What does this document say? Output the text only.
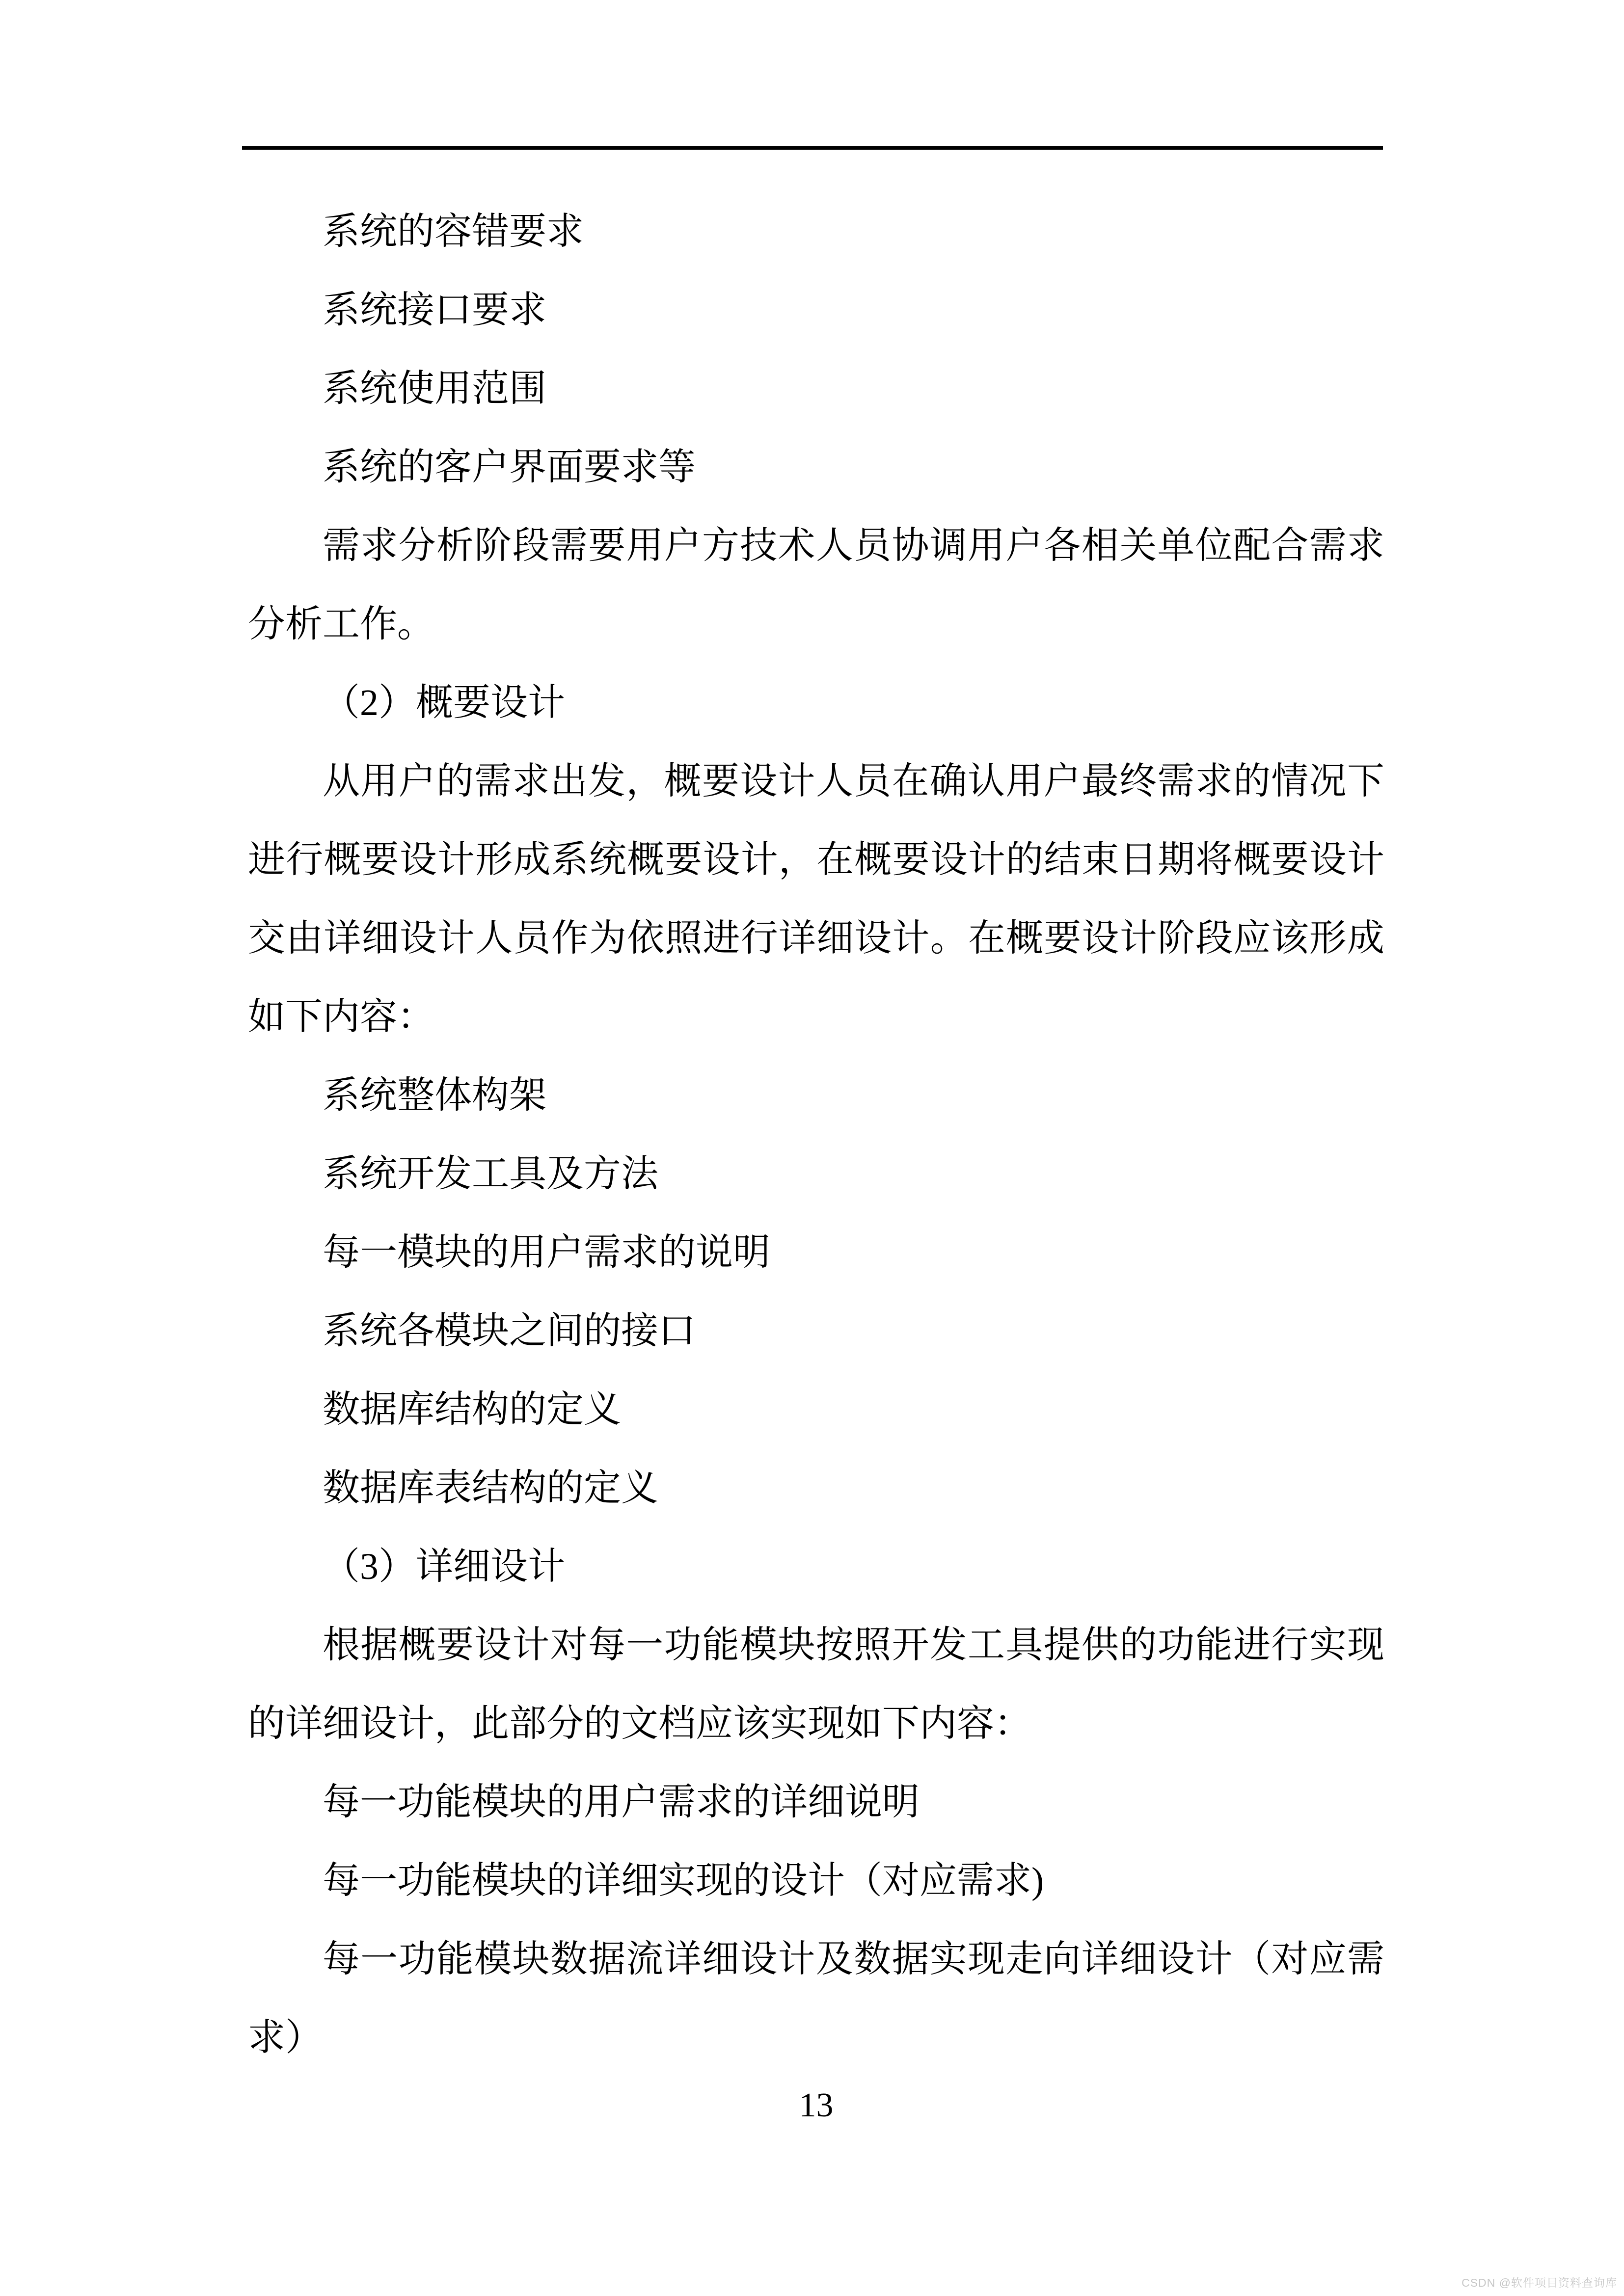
系统的容错要求
系统接口要求
系统使用范围
系统的客户界面要求等
需求分析阶段需要用户方技术人员协调用户各相关单位配合需求
分析工作。
（2）概要设计
从用户的需求出发，概要设计人员在确认用户最终需求的情况下
进行概要设计形成系统概要设计，在概要设计的结束日期将概要设计
交由详细设计人员作为依照进行详细设计。在概要设计阶段应该形成
如下内容：
系统整体构架
系统开发工具及方法
每一模块的用户需求的说明
系统各模块之间的接口
数据库结构的定义
数据库表结构的定义
（3）详细设计
根据概要设计对每一功能模块按照开发工具提供的功能进行实现
的详细设计，此部分的文档应该实现如下内容：
每一功能模块的用户需求的详细说明
每一功能模块的详细实现的设计（对应需求)
每一功能模块数据流详细设计及数据实现走向详细设计（对应需
求）
13
CSDN @软件项目资料查询库
